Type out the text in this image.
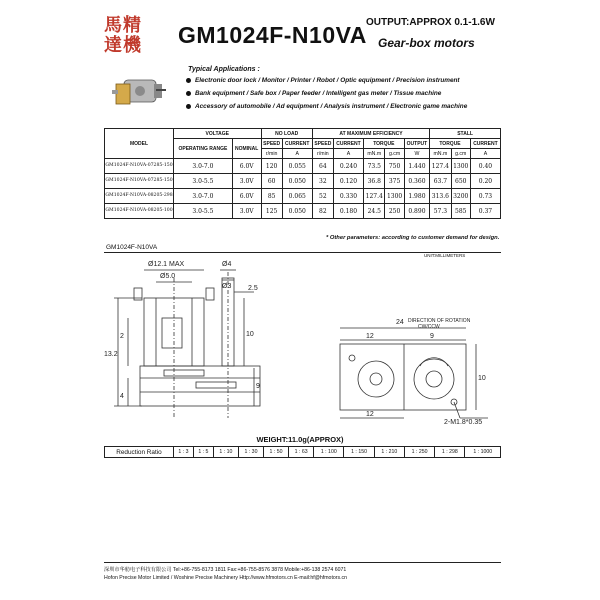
馬精
達機	GM1024F-N10VA OUTPUT:APPROX 0.1-1.6W
Gear-box motors
Typical Applications :
Electronic door lock / Monitor / Printer / Robot / Optic equipment / Precision instrument
Bank equipment / Safe box / Paper feeder / Intelligent gas meter / Tissue machine
Accessory of automobile / Ad equipment / Analysis instrument / Electronic game machine
MODEL	VOLTAGE		NO LOAD		AT MAXIMUM EFFICIENCY					STALL		
	OPERATING RANGE	NOMINAL	SPEED	CURRENT	SPEED	CURRENT	TORQUE		OUTPUT	TORQUE		CURRENT
			r/min	A	r/min	A	mN.m	g.cm	W	mN.m	g.cm	A
GM1024F-N10VA-07285-150	3.0-7.0	6.0V	120	0.055	64	0.240	73.5	750	1.440	127.4	1300	0.40
GM1024F-N10VA-07285-150	3.0-5.5	3.0V	60	0.050	32	0.120	36.8	375	0.360	63.7	650	0.20
GM1024F-N10VA-08205-298	3.0-7.0	6.0V	85	0.065	52	0.330	127.4	1300	1.980	313.6	3200	0.73
GM1024F-N10VA-08205-100	3.0-5.5	3.0V	125	0.050	82	0.180	24.5	250	0.890	57.3	585	0.37
* Other parameters: according to customer demand for design.
GM1024F-N10VA
UNIT:MILLIMETERS
Ø12.1 MAX
Ø5.0
Ø4
Ø3 2.5
13.2
2
4
10
9
24
12	9
10
12
DIRECTION OF ROTATION
CW/CCW
2-M1.8*0.35
WEIGHT:11.0g(APPROX)
Reduction Ratio	1 : 3	1 : 5	1 : 10	1 : 30	1 : 50	1 : 63	1 : 100	1 : 150	1 : 210	1 : 250	1 : 298	1 : 1000
深圳市华舫电子科技有限公司 Tel:+86-755-8173 1811 Fax:+86-755-8576 3878 Mobile:+86-138 2574 6071
Hofon Precise Motor Limited / Woshine Precise Machinery Http://www.hfmotors.cn E-mail:hf@hfmotors.cn
